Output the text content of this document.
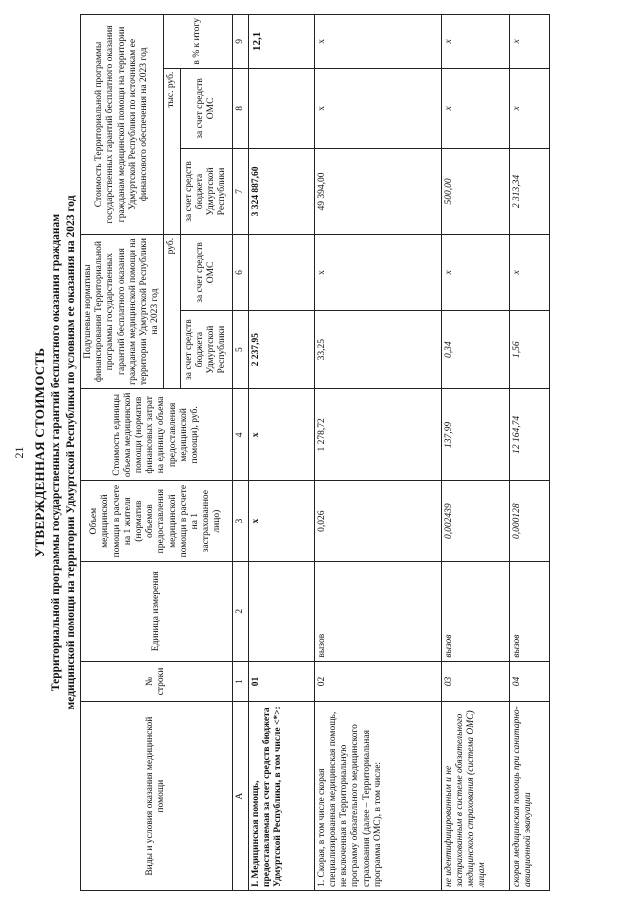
21 УТВЕРЖДЕННАЯ СТОИМОСТЬ Территориальной программы государственных гарантий бесплатного оказания гражданам медицинской помощи на территории Удмуртской Республики по условиям ее оказания на 2023 год
Виды и условия оказания медицинской помощи	№ строки	Единица измерения	Объем медицинской помощи в расчете на 1 жителя (норматив объемов предоставления медицинской помощи в расчете на 1 застрахованное лицо)	Стоимость единицы объема медицинской помощи (норматив финансовых затрат на единицу объема предоставления медицинской помощи), руб.	Подушевые нормативы финансирования Территориальной программы государственных гарантий бесплатного оказания гражданам медицинской помощи на территории Удмуртской Республики на 2023 год		Стоимость Территориальной программы государственных гарантий бесплатного оказания гражданам медицинской помощи на территории Удмуртской Республики по источникам ее финансового обеспечения на 2023 год		
					руб.		тыс. руб.		в % к итогу
					за счет средств бюджета Удмуртской Республики	за счет средств ОМС	за счет средств бюджета Удмуртской Республики	за счет средств ОМС	
А	1	2	3	4	5	6	7	8	9
I. Медицинская помощь, предоставляемая за счет средств бюджета Удмуртской Республики, в том числе <*>:	01		х	х	2 237,95		3 324 887,60		12,1
1. Скорая, в том числе скорая специализированная медицинская помощь, не включенная в Территориальную программу обязательного медицинского страхования (далее – Территориальная программа ОМС), в том числе:	02	вызов	0,026	1 278,72	33,25	х	49 394,00	х	х
не идентифицированным и не застрахованным в системе обязательного медицинского страхования (система ОМС) лицам	03	вызов	0,002439	137,99	0,34	х	500,00	х	х
скорая медицинская помощь при санитарно-авиационной эвакуации	04	вызов	0,000128	12 164,74	1,56	х	2 313,34	х	х
